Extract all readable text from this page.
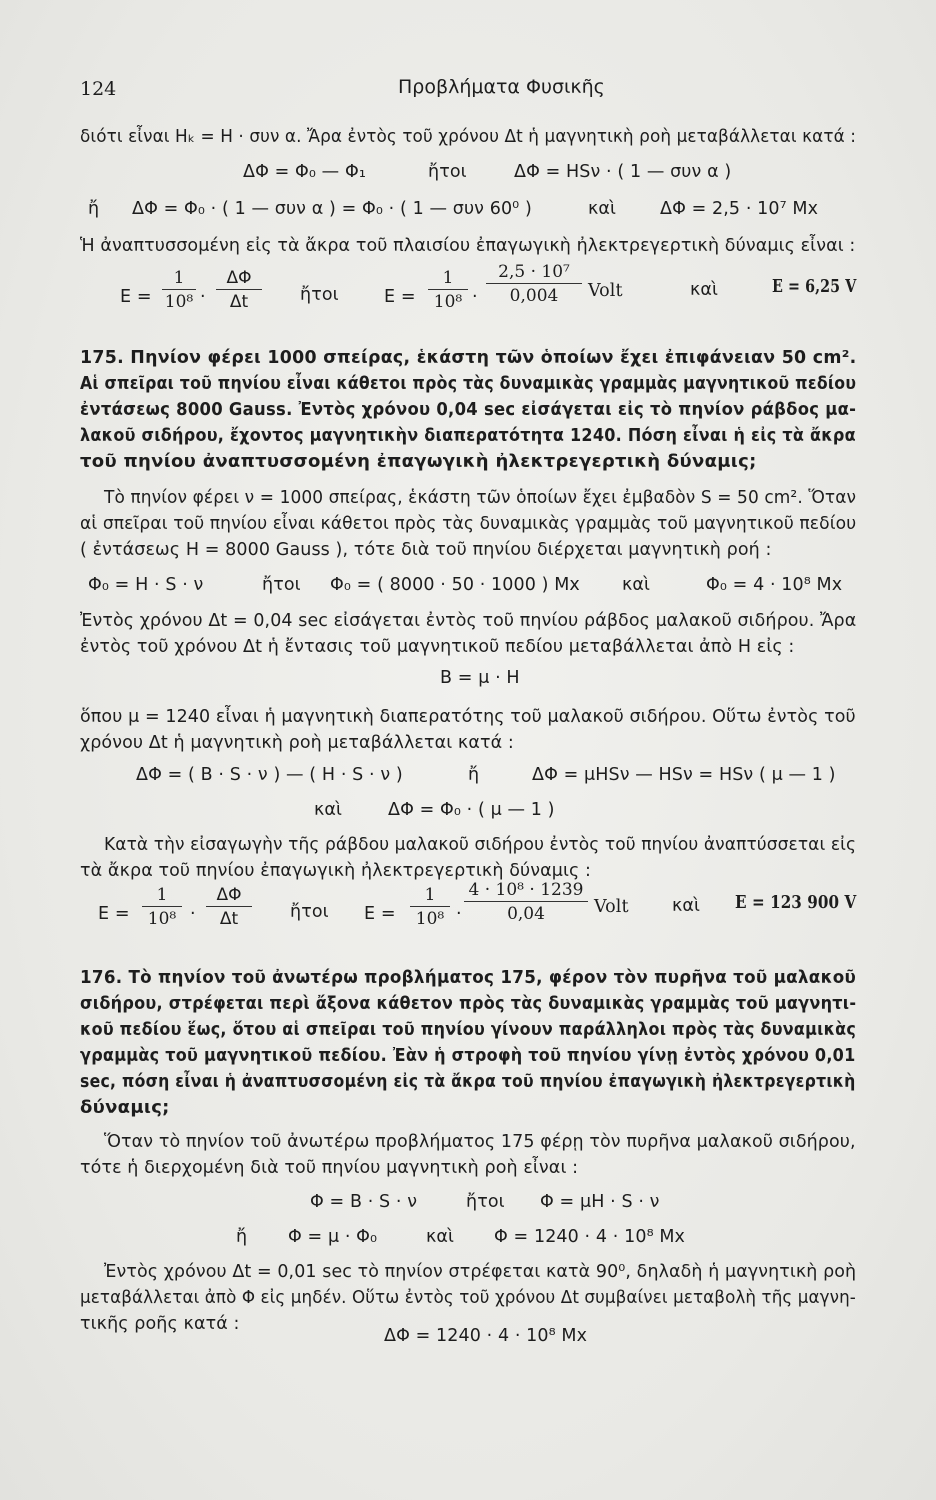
124	Προβλήματα Φυσικῆς
διότι εἶναι Ηₖ = Η · συν α. Ἄρα ἐντὸς τοῦ χρόνου Δt ἡ μαγνητικὴ ροὴ μεταβάλλεται κατά :
ΔΦ = Φ₀ — Φ₁	ἤτοι	ΔΦ = HSν · ( 1 — συν α )
ἤ ΔΦ = Φ₀ · ( 1 — συν α ) = Φ₀ · ( 1 — συν 60⁰ )	καὶ	ΔΦ = 2,5 · 10⁷ Mx
Ἡ ἀναπτυσσομένη εἰς τὰ ἄκρα τοῦ πλαισίου ἐπαγωγικὴ ἠλεκτρεγερτικὴ δύναμις εἶναι :
$E = \frac{1}{\text{10⁸}} \cdot \frac{\Delta\Phi}{\Delta t}$ ἤτοι	$E = \frac{1}{\text{10⁸}} \cdot \frac{\text{2,5 · 10⁷}}{0,004}$ Volt	καὶ	E = 6,25 V
175. Πηνίον φέρει 1000 σπείρας, ἑκάστη τῶν ὁποίων ἔχει ἐπιφάνειαν 50 cm².
Αἱ σπεῖραι τοῦ πηνίου εἶναι κάθετοι πρὸς τὰς δυναμικὰς γραμμὰς μαγνητικοῦ πεδίου
ἐντάσεως 8000 Gauss. Ἐντὸς χρόνου 0,04 sec εἰσάγεται εἰς τὸ πηνίον ράβδος μα-
λακοῦ σιδήρου, ἔχοντος μαγνητικὴν διαπερατότητα 1240. Πόση εἶναι ἡ εἰς τὰ ἄκρα
τοῦ πηνίου ἀναπτυσσομένη ἐπαγωγικὴ ἠλεκτρεγερτικὴ δύναμις;
Τὸ πηνίον φέρει ν = 1000 σπείρας, ἑκάστη τῶν ὁποίων ἔχει ἐμβαδὸν S = 50 cm². Ὅταν
αἱ σπεῖραι τοῦ πηνίου εἶναι κάθετοι πρὸς τὰς δυναμικὰς γραμμὰς τοῦ μαγνητικοῦ πεδίου
( ἐντάσεως H = 8000 Gauss ), τότε διὰ τοῦ πηνίου διέρχεται μαγνητικὴ ροή :
Φ₀ = H · S · ν	ἤτοι Φ₀ = ( 8000 · 50 · 1000 ) Mx καὶ	Φ₀ = 4 · 10⁸ Mx
Ἐντὸς χρόνου Δt = 0,04 sec εἰσάγεται ἐντὸς τοῦ πηνίου ράβδος μαλακοῦ σιδήρου. Ἄρα
ἐντὸς τοῦ χρόνου Δt ἡ ἔντασις τοῦ μαγνητικοῦ πεδίου μεταβάλλεται ἀπὸ H εἰς :
B = μ · H
ὅπου μ = 1240 εἶναι ἡ μαγνητικὴ διαπερατότης τοῦ μαλακοῦ σιδήρου. Οὕτω ἐντὸς τοῦ
χρόνου Δt ἡ μαγνητικὴ ροὴ μεταβάλλεται κατά :
ΔΦ = ( B · S · ν ) — ( H · S · ν )	ἤ	ΔΦ = μHSν — HSν = HSν ( μ — 1 )
καὶ	ΔΦ = Φ₀ · ( μ — 1 )
Κατὰ τὴν εἰσαγωγὴν τῆς ράβδου μαλακοῦ σιδήρου ἐντὸς τοῦ πηνίου ἀναπτύσσεται εἰς
τὰ ἄκρα τοῦ πηνίου ἐπαγωγικὴ ἠλεκτρεγερτικὴ δύναμις :
$E = \frac{1}{\text{10⁸}} \cdot \frac{\Delta\Phi}{\Delta t}$ ἤτοι $E = \frac{1}{\text{10⁸}} \cdot \frac{\text{4 · 10⁸ · 1239}}{0,04}$ Volt καὶ E = 123 900 V
176. Τὸ πηνίον τοῦ ἀνωτέρω προβλήματος 175, φέρον τὸν πυρῆνα τοῦ μαλακοῦ
σιδήρου, στρέφεται περὶ ἄξονα κάθετον πρὸς τὰς δυναμικὰς γραμμὰς τοῦ μαγνητι-
κοῦ πεδίου ἕως, ὅτου αἱ σπεῖραι τοῦ πηνίου γίνουν παράλληλοι πρὸς τὰς δυναμικὰς
γραμμὰς τοῦ μαγνητικοῦ πεδίου. Ἐὰν ἡ στροφὴ τοῦ πηνίου γίνῃ ἐντὸς χρόνου 0,01
sec, πόση εἶναι ἡ ἀναπτυσσομένη εἰς τὰ ἄκρα τοῦ πηνίου ἐπαγωγικὴ ἠλεκτρεγερτικὴ
δύναμις;
Ὅταν τὸ πηνίον τοῦ ἀνωτέρω προβλήματος 175 φέρῃ τὸν πυρῆνα μαλακοῦ σιδήρου,
τότε ἡ διερχομένη διὰ τοῦ πηνίου μαγνητικὴ ροὴ εἶναι :
Φ = B · S · ν	ἤτοι Φ = μH · S · ν
ἤ Φ = μ · Φ₀	καὶ Φ = 1240 · 4 · 10⁸ Mx
Ἐντὸς χρόνου Δt = 0,01 sec τὸ πηνίον στρέφεται κατὰ 90⁰, δηλαδὴ ἡ μαγνητικὴ ροὴ
μεταβάλλεται ἀπὸ Φ εἰς μηδέν. Οὕτω ἐντὸς τοῦ χρόνου Δt συμβαίνει μεταβολὴ τῆς μαγνη-
τικῆς ροῆς κατά :
ΔΦ = 1240 · 4 · 10⁸ Mx
